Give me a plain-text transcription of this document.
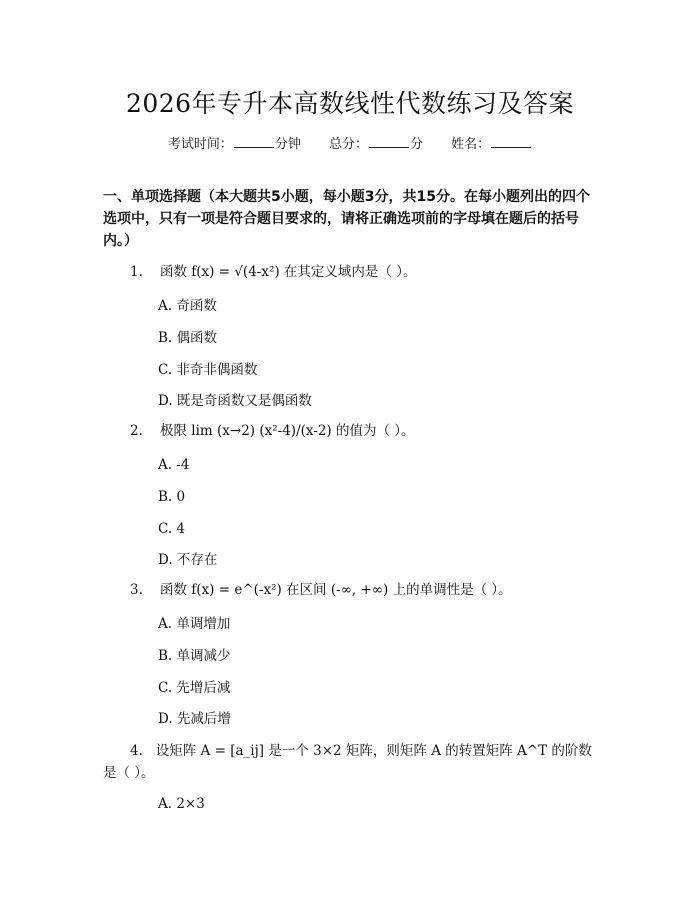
2026年专升本高数线性代数练习及答案
考试时间：	分钟 总分：	分 姓名：
一、单项选择题（本大题共5小题，每小题3分，共15分。在每小题列出的四个选项中，只有一项是符合题目要求的，请将正确选项前的字母填在题后的括号内。）
1. 函数 f(x) = √(4-x²) 在其定义域内是（ ）。
A. 奇函数
B. 偶函数
C. 非奇非偶函数
D. 既是奇函数又是偶函数
2. 极限 lim (x→2) (x²-4)/(x-2) 的值为（ ）。
A. -4
B. 0
C. 4
D. 不存在
3. 函数 f(x) = e^(-x²) 在区间 (-∞, +∞) 上的单调性是（ ）。
A. 单调增加
B. 单调减少
C. 先增后减
D. 先减后增
4. 设矩阵 A = [a_ij] 是一个 3×2 矩阵，则矩阵 A 的转置矩阵 A^T 的阶数是（ ）。
A. 2×3
